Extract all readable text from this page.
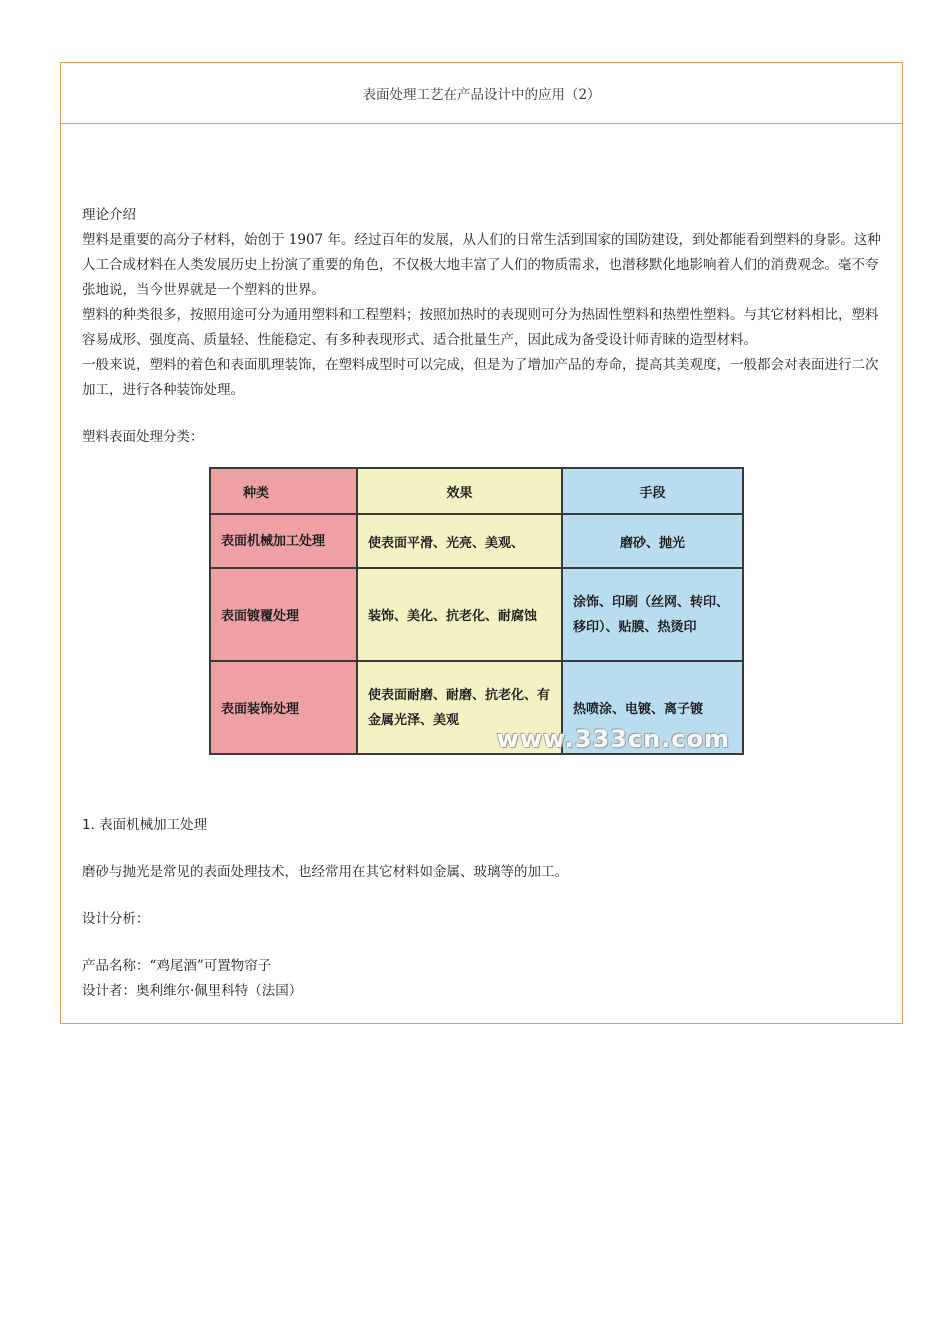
表面处理工艺在产品设计中的应用（2）

理论介绍

塑料是重要的高分子材料，始创于 1907 年。经过百年的发展，从人们的日常生活到国家的国防建设，到处都能看到塑料的身影。这种人工合成材料在人类发展历史上扮演了重要的角色，不仅极大地丰富了人们的物质需求，也潜移默化地影响着人们的消费观念。毫不夸张地说，当今世界就是一个塑料的世界。

塑料的种类很多，按照用途可分为通用塑料和工程塑料；按照加热时的表现则可分为热固性塑料和热塑性塑料。与其它材料相比，塑料容易成形、强度高、质量轻、性能稳定、有多种表现形式、适合批量生产，因此成为备受设计师青睐的造型材料。

一般来说，塑料的着色和表面肌理装饰，在塑料成型时可以完成，但是为了增加产品的寿命，提高其美观度，一般都会对表面进行二次加工，进行各种装饰处理。

塑料表面处理分类：

种类	效果	手段
表面机械加工处理	使表面平滑、光亮、美观、	磨砂、抛光
表面镀覆处理	装饰、美化、抗老化、耐腐蚀	涂饰、印刷（丝网、转印、移印）、贴膜、热烫印
表面装饰处理	使表面耐磨、耐磨、抗老化、有金属光泽、美观	热喷涂、电镀、离子镀
www.333cn.com

1. 表面机械加工处理

磨砂与抛光是常见的表面处理技术，也经常用在其它材料如金属、玻璃等的加工。

设计分析：

产品名称：“鸡尾酒”可置物帘子

设计者：奥利维尔·佩里科特（法国）
